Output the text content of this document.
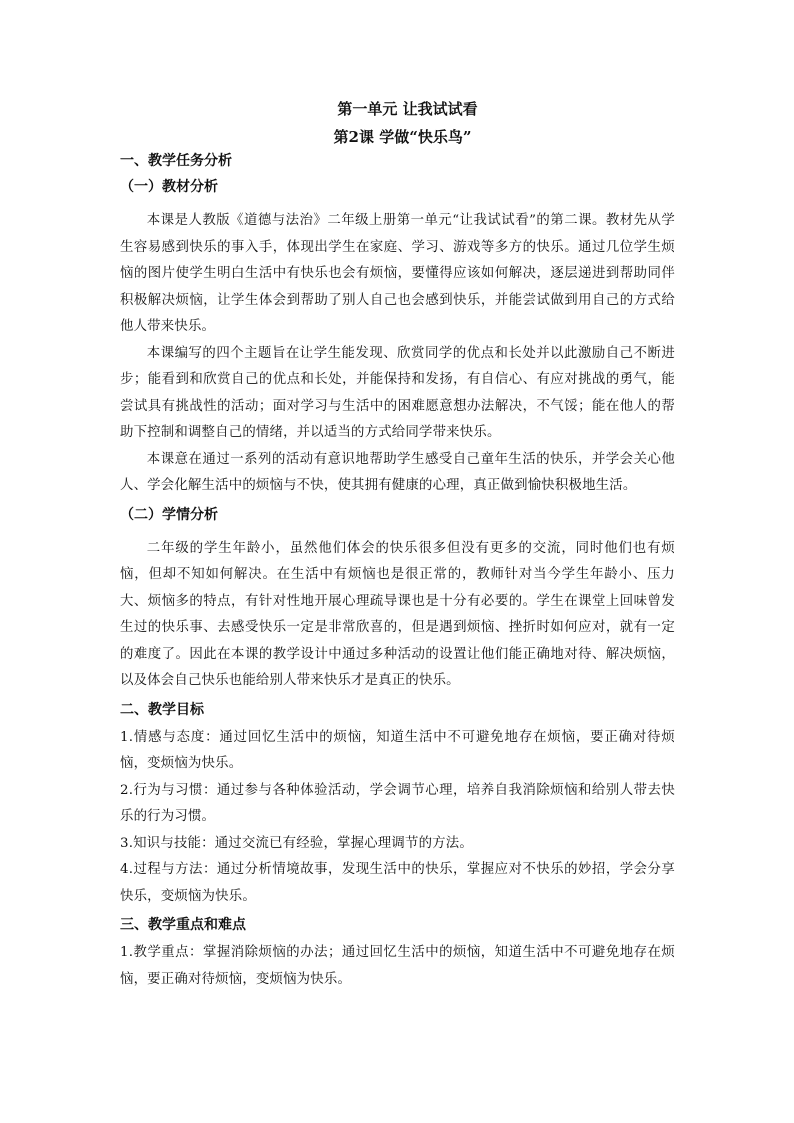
第一单元 让我试试看

第2课 学做“快乐鸟”

一、教学任务分析

（一）教材分析

本课是人教版《道德与法治》二年级上册第一单元“让我试试看”的第二课。教材先从学生容易感到快乐的事入手，体现出学生在家庭、学习、游戏等多方的快乐。通过几位学生烦恼的图片使学生明白生活中有快乐也会有烦恼，要懂得应该如何解决，逐层递进到帮助同伴积极解决烦恼，让学生体会到帮助了别人自己也会感到快乐，并能尝试做到用自己的方式给他人带来快乐。

本课编写的四个主题旨在让学生能发现、欣赏同学的优点和长处并以此激励自己不断进步；能看到和欣赏自己的优点和长处，并能保持和发扬，有自信心、有应对挑战的勇气，能尝试具有挑战性的活动；面对学习与生活中的困难愿意想办法解决，不气馁；能在他人的帮助下控制和调整自己的情绪，并以适当的方式给同学带来快乐。

本课意在通过一系列的活动有意识地帮助学生感受自己童年生活的快乐，并学会关心他人、学会化解生活中的烦恼与不快，使其拥有健康的心理，真正做到愉快积极地生活。

（二）学情分析

二年级的学生年龄小，虽然他们体会的快乐很多但没有更多的交流，同时他们也有烦恼，但却不知如何解决。在生活中有烦恼也是很正常的，教师针对当今学生年龄小、压力大、烦恼多的特点，有针对性地开展心理疏导课也是十分有必要的。学生在课堂上回味曾发生过的快乐事、去感受快乐一定是非常欣喜的，但是遇到烦恼、挫折时如何应对，就有一定的难度了。因此在本课的教学设计中通过多种活动的设置让他们能正确地对待、解决烦恼，以及体会自己快乐也能给别人带来快乐才是真正的快乐。

二、教学目标

1.情感与态度：通过回忆生活中的烦恼，知道生活中不可避免地存在烦恼，要正确对待烦恼，变烦恼为快乐。

2.行为与习惯：通过参与各种体验活动，学会调节心理，培养自我消除烦恼和给别人带去快乐的行为习惯。

3.知识与技能：通过交流已有经验，掌握心理调节的方法。

4.过程与方法：通过分析情境故事，发现生活中的快乐，掌握应对不快乐的妙招，学会分享快乐，变烦恼为快乐。

三、教学重点和难点

1.教学重点：掌握消除烦恼的办法；通过回忆生活中的烦恼，知道生活中不可避免地存在烦恼，要正确对待烦恼，变烦恼为快乐。
